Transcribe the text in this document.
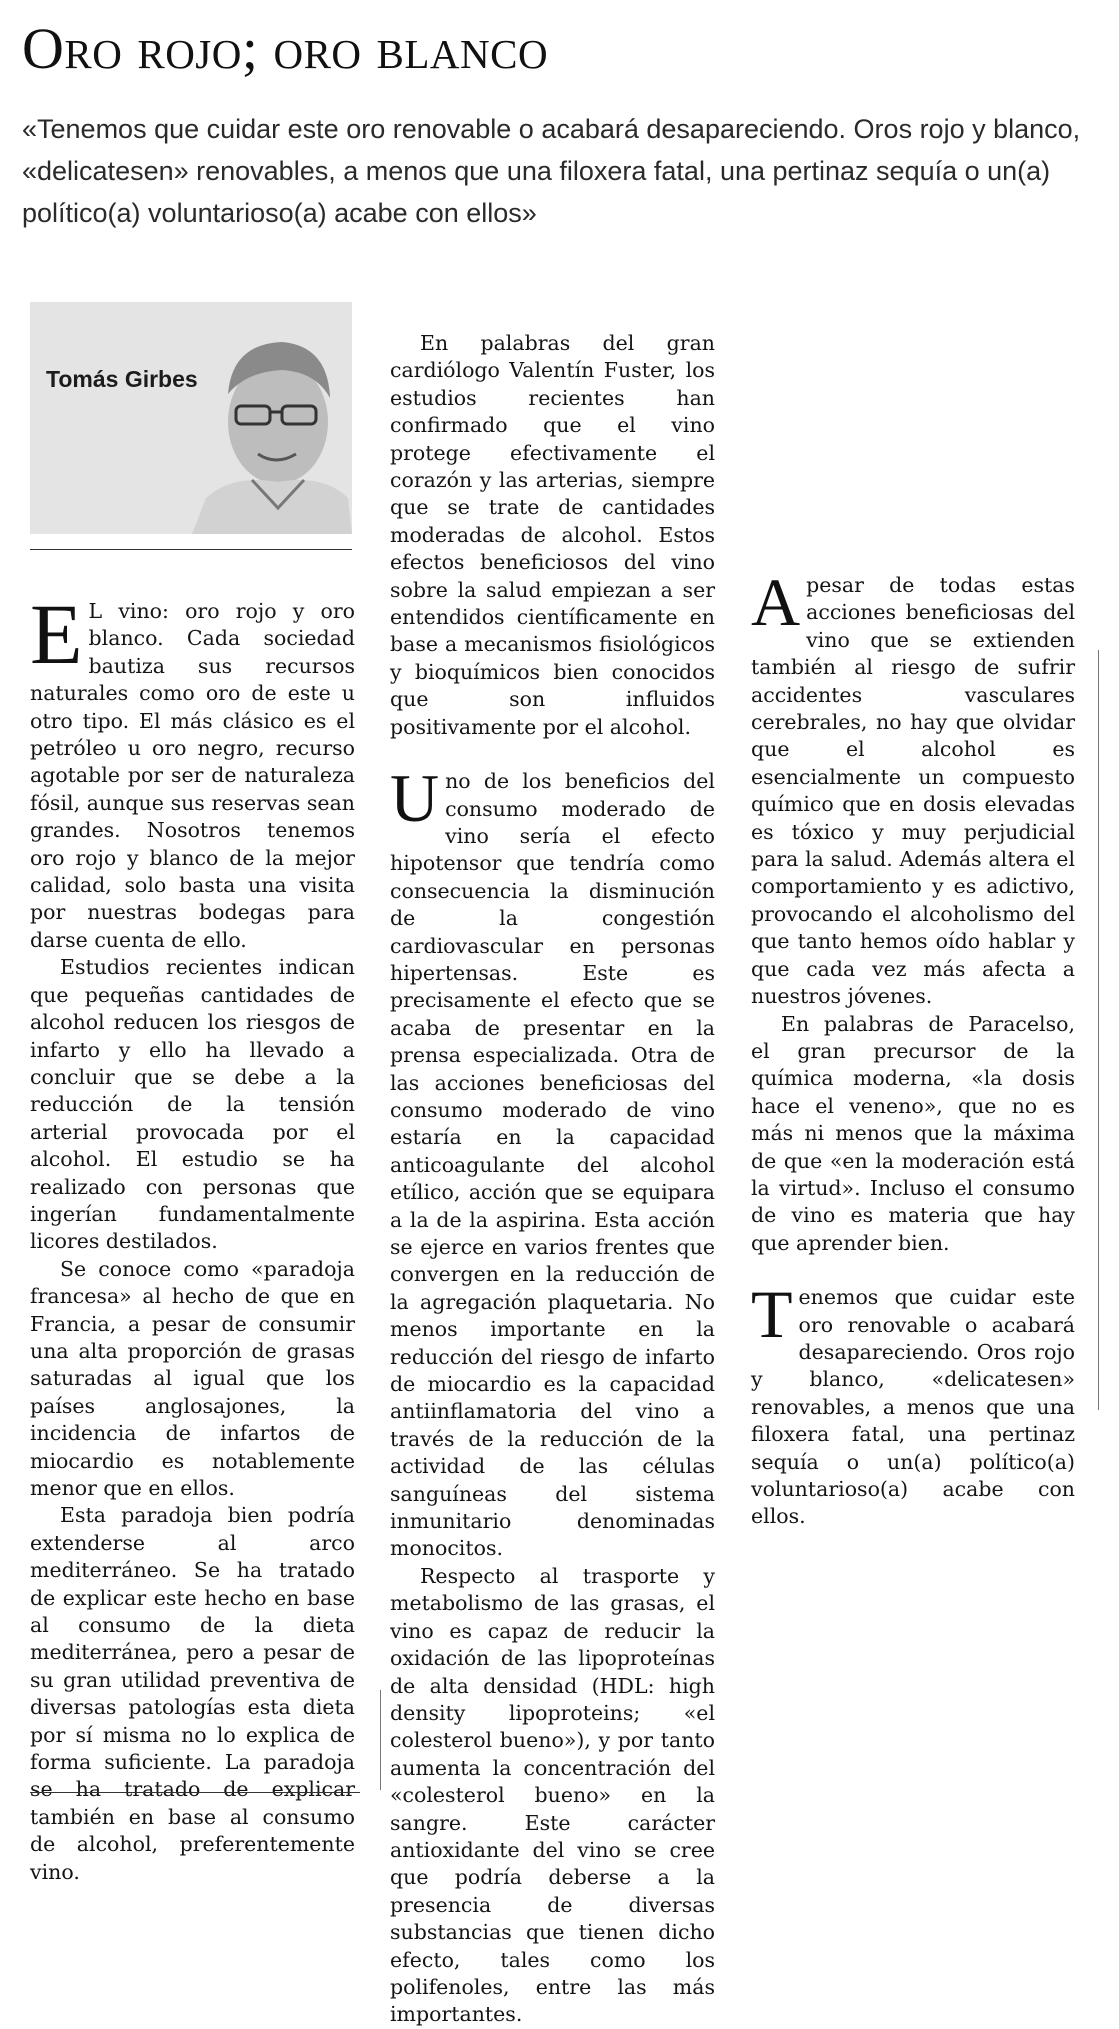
Oro rojo; oro blanco

«Tenemos que cuidar este oro renovable o acabará desapareciendo. Oros rojo y blanco, «delicatesen» renovables, a menos que una filoxera fatal, una pertinaz sequía o un(a) político(a) voluntarioso(a) acabe con ellos»

Tomás Girbes

E L vino: oro rojo y oro blanco. Cada sociedad bautiza sus recursos naturales como oro de este u otro tipo. El más clásico es el petróleo u oro negro, recurso agotable por ser de naturaleza fósil, aunque sus reservas sean grandes. Nosotros tenemos oro rojo y blanco de la mejor calidad, solo basta una visita por nuestras bodegas para darse cuenta de ello.

Estudios recientes indican que pequeñas cantidades de alcohol reducen los riesgos de infarto y ello ha llevado a concluir que se debe a la reducción de la tensión arterial provocada por el alcohol. El estudio se ha realizado con personas que ingerían fundamentalmente licores destilados.

Se conoce como «paradoja francesa» al hecho de que en Francia, a pesar de consumir una alta proporción de grasas saturadas al igual que los países anglosajones, la incidencia de infartos de miocardio es notablemente menor que en ellos.

Esta paradoja bien podría extenderse al arco mediterráneo. Se ha tratado de explicar este hecho en base al consumo de la dieta mediterránea, pero a pesar de su gran utilidad preventiva de diversas patologías esta dieta por sí misma no lo explica de forma suficiente. La paradoja se ha tratado de explicar también en base al consumo de alcohol, preferentemente vino.

En palabras del gran cardiólogo Valentín Fuster, los estudios recientes han confirmado que el vino protege efectivamente el corazón y las arterias, siempre que se trate de cantidades moderadas de alcohol. Estos efectos beneficiosos del vino sobre la salud empiezan a ser entendidos científicamente en base a mecanismos fisiológicos y bioquímicos bien conocidos que son influidos positivamente por el alcohol.

Uno de los beneficios del consumo moderado de vino sería el efecto hipotensor que tendría como consecuencia la disminución de la congestión cardiovascular en personas hipertensas. Este es precisamente el efecto que se acaba de presentar en la prensa especializada. Otra de las acciones beneficiosas del consumo moderado de vino estaría en la capacidad anticoagulante del alcohol etílico, acción que se equipara a la de la aspirina. Esta acción se ejerce en varios frentes que convergen en la reducción de la agregación plaquetaria. No menos importante en la reducción del riesgo de infarto de miocardio es la capacidad antiinflamatoria del vino a través de la reducción de la actividad de las células sanguíneas del sistema inmunitario denominadas monocitos.

Respecto al trasporte y metabolismo de las grasas, el vino es capaz de reducir la oxidación de las lipoproteínas de alta densidad (HDL: high density lipoproteins; «el colesterol bueno»), y por tanto aumenta la concentración del «colesterol bueno» en la sangre. Este carácter antioxidante del vino se cree que podría deberse a la presencia de diversas substancias que tienen dicho efecto, tales como los polifenoles, entre las más importantes.

Apesar de todas estas acciones beneficiosas del vino que se extienden también al riesgo de sufrir accidentes vasculares cerebrales, no hay que olvidar que el alcohol es esencialmente un compuesto químico que en dosis elevadas es tóxico y muy perjudicial para la salud. Además altera el comportamiento y es adictivo, provocando el alcoholismo del que tanto hemos oído hablar y que cada vez más afecta a nuestros jóvenes.

En palabras de Paracelso, el gran precursor de la química moderna, «la dosis hace el veneno», que no es más ni menos que la máxima de que «en la moderación está la virtud». Incluso el consumo de vino es materia que hay que aprender bien.

Tenemos que cuidar este oro renovable o acabará desapareciendo. Oros rojo y blanco, «delicatesen» renovables, a menos que una filoxera fatal, una pertinaz sequía o un(a) político(a) voluntarioso(a) acabe con ellos.
